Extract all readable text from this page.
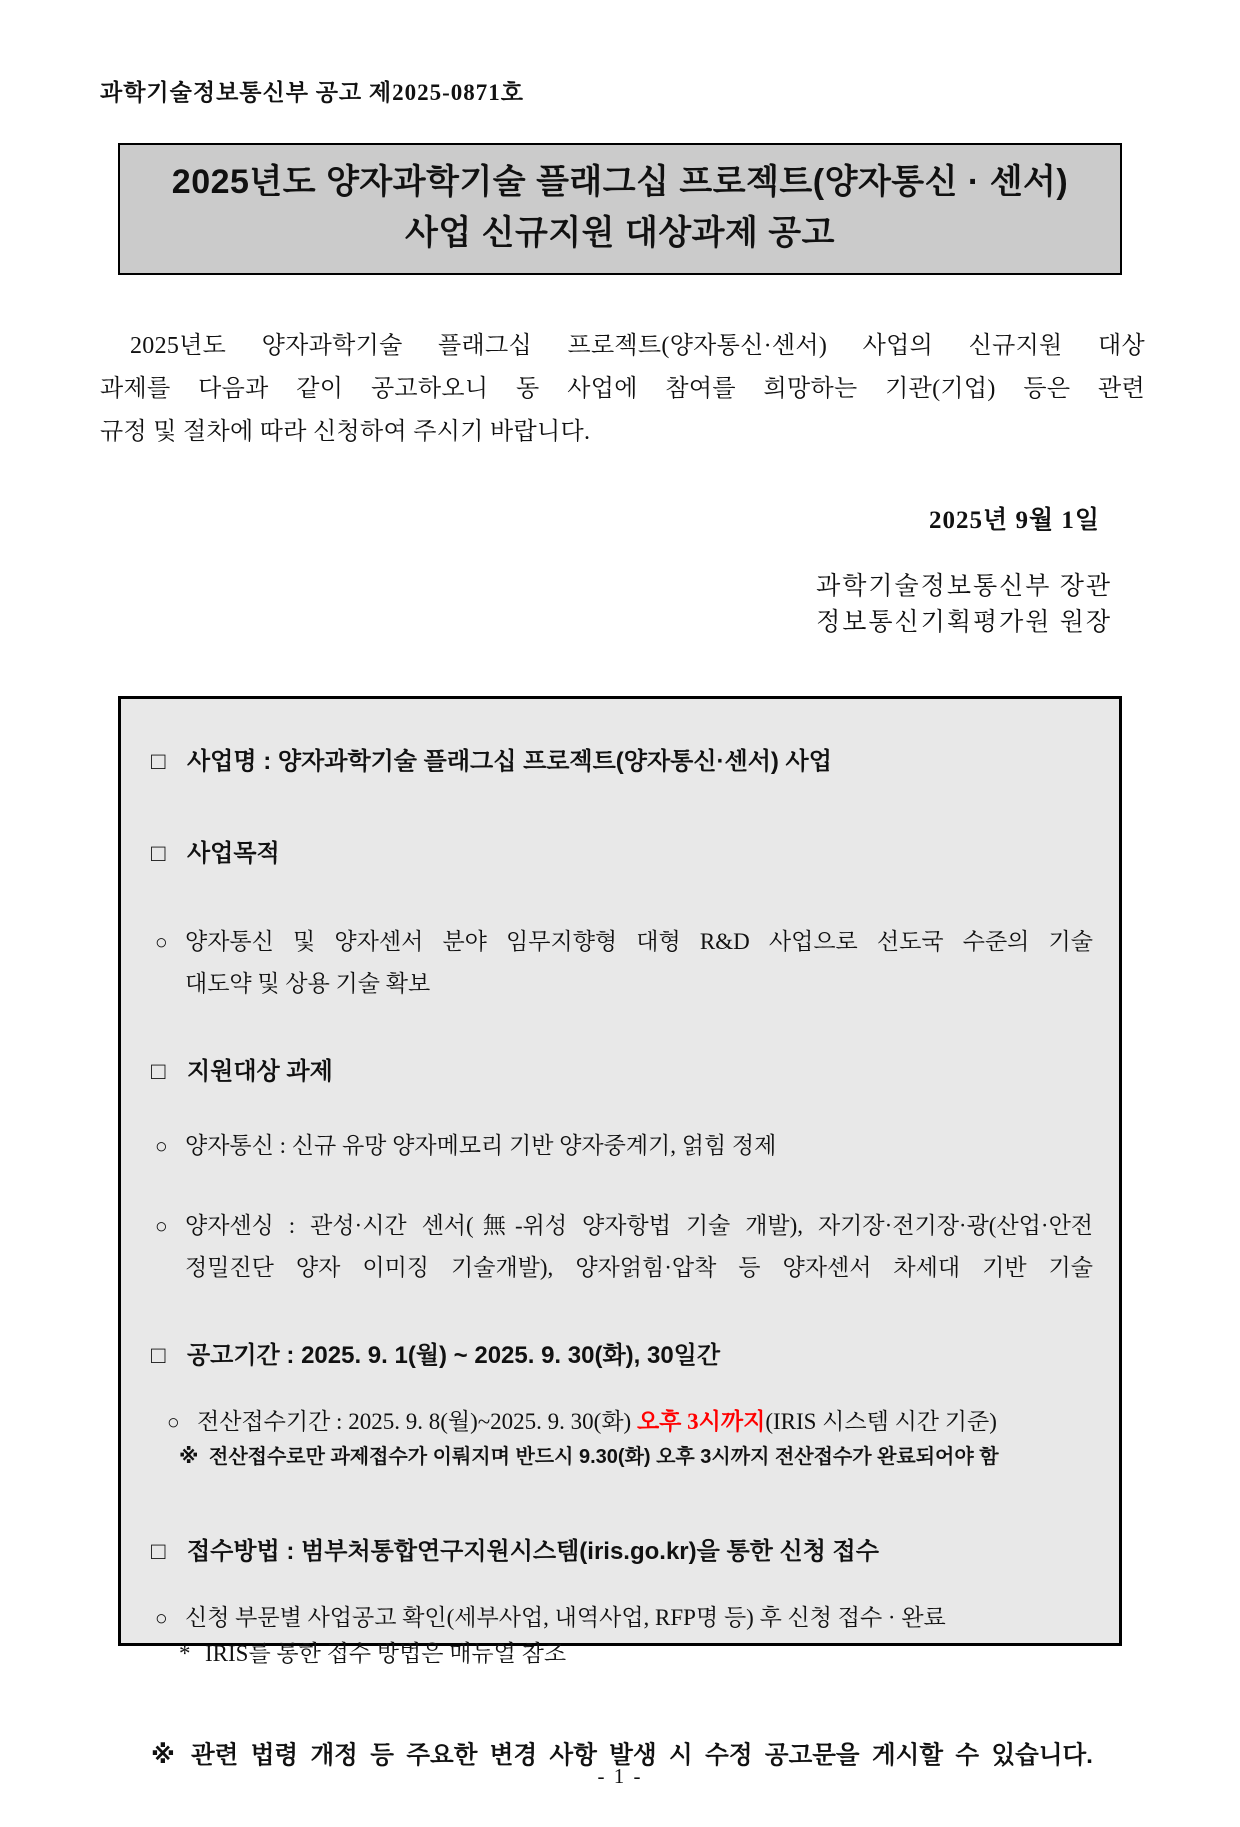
과학기술정보통신부 공고 제2025-0871호
2025년도 양자과학기술 플래그십 프로젝트(양자통신 · 센서)
사업 신규지원 대상과제 공고
2025년도 양자과학기술 플래그십 프로젝트(양자통신·센서) 사업의 신규지원 대상
과제를 다음과 같이 공고하오니 동 사업에 참여를 희망하는 기관(기업) 등은 관련
규정 및 절차에 따라 신청하여 주시기 바랍니다.
2025년 9월 1일
과학기술정보통신부 장관
정보통신기획평가원 원장
□ 사업명 : 양자과학기술 플래그십 프로젝트(양자통신·센서) 사업
□ 사업목적
○ 양자통신 및 양자센서 분야 임무지향형 대형 R&D 사업으로 선도국 수준의 기술
대도약 및 상용 기술 확보
□ 지원대상 과제
○ 양자통신 : 신규 유망 양자메모리 기반 양자중계기, 얽힘 정제
○ 양자센싱 : 관성·시간 센서(無-위성 양자항법 기술 개발), 자기장·전기장·광(산업·안전
정밀진단 양자 이미징 기술개발), 양자얽힘·압착 등 양자센서 차세대 기반 기술
□ 공고기간 : 2025. 9. 1(월) ~ 2025. 9. 30(화), 30일간
○ 전산접수기간 : 2025. 9. 8(월)~2025. 9. 30(화) 오후 3시까지(IRIS 시스템 시간 기준)
※ 전산접수로만 과제접수가 이뤄지며 반드시 9.30(화) 오후 3시까지 전산접수가 완료되어야 함
□ 접수방법 : 범부처통합연구지원시스템(iris.go.kr)을 통한 신청 접수
○ 신청 부문별 사업공고 확인(세부사업, 내역사업, RFP명 등) 후 신청 접수 · 완료
* IRIS를 통한 접수 방법은 매뉴얼 참조
※ 관련 법령 개정 등 주요한 변경 사항 발생 시 수정 공고문을 게시할 수 있습니다.
- 1 -
